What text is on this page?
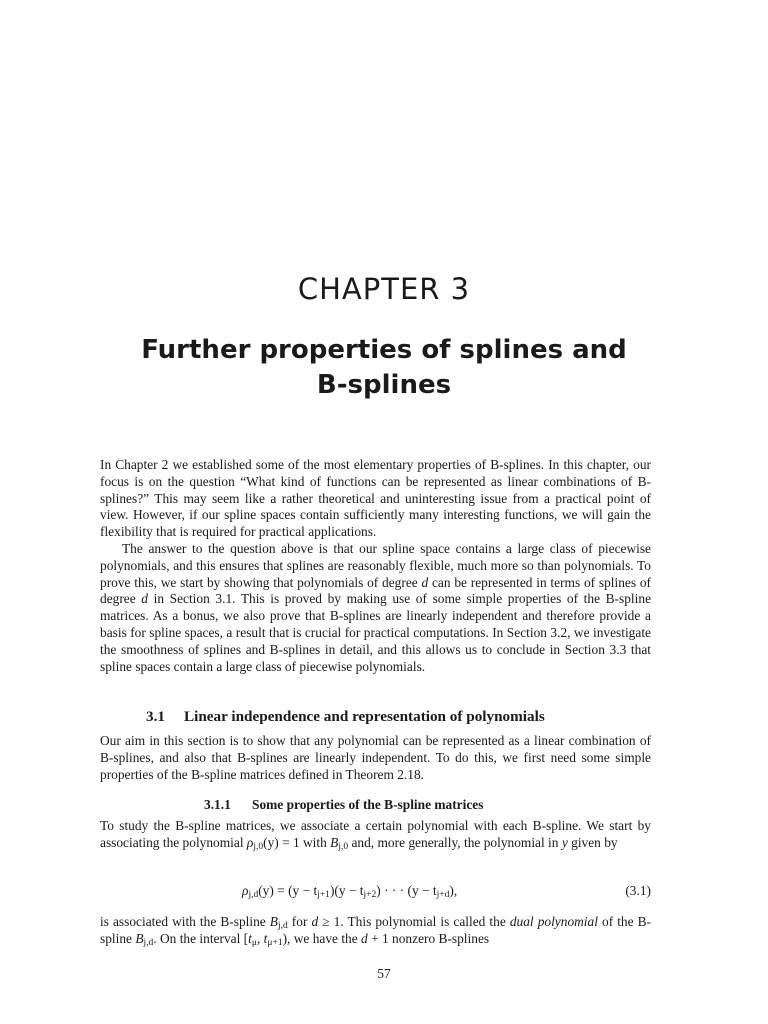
CHAPTER 3
Further properties of splines and
B-splines

In Chapter 2 we established some of the most elementary properties of B-splines. In this chapter, our focus is on the question “What kind of functions can be represented as linear combinations of B-splines?” This may seem like a rather theoretical and uninteresting issue from a practical point of view. However, if our spline spaces contain sufficiently many interesting functions, we will gain the flexibility that is required for practical applications.

The answer to the question above is that our spline space contains a large class of piecewise polynomials, and this ensures that splines are reasonably flexible, much more so than polynomials. To prove this, we start by showing that polynomials of degree d can be represented in terms of splines of degree d in Section 3.1. This is proved by making use of some simple properties of the B-spline matrices. As a bonus, we also prove that B-splines are linearly independent and therefore provide a basis for spline spaces, a result that is crucial for practical computations. In Section 3.2, we investigate the smoothness of splines and B-splines in detail, and this allows us to conclude in Section 3.3 that spline spaces contain a large class of piecewise polynomials.

3.1 Linear independence and representation of polynomials

Our aim in this section is to show that any polynomial can be represented as a linear combination of B-splines, and also that B-splines are linearly independent. To do this, we first need some simple properties of the B-spline matrices defined in Theorem 2.18.

3.1.1 Some properties of the B-spline matrices

To study the B-spline matrices, we associate a certain polynomial with each B-spline. We start by associating the polynomial $\rho_{j,0}(y) = 1$ with $B_{j,0}$ and, more generally, the polynomial in y given by

$\rho_{j,d}(y) = (y - t_{j+1})(y - t_{j+2})$ · · · $(y - t_{j+d})$,	(3.1)

is associated with the B-spline $B_{j,d}$ for d ≥ 1. This polynomial is called the dual polynomial of the B-spline $B_{j,d}$. On the interval [$t_\mu$, $t_{\mu+1}$), we have the d + 1 nonzero B-splines

57
